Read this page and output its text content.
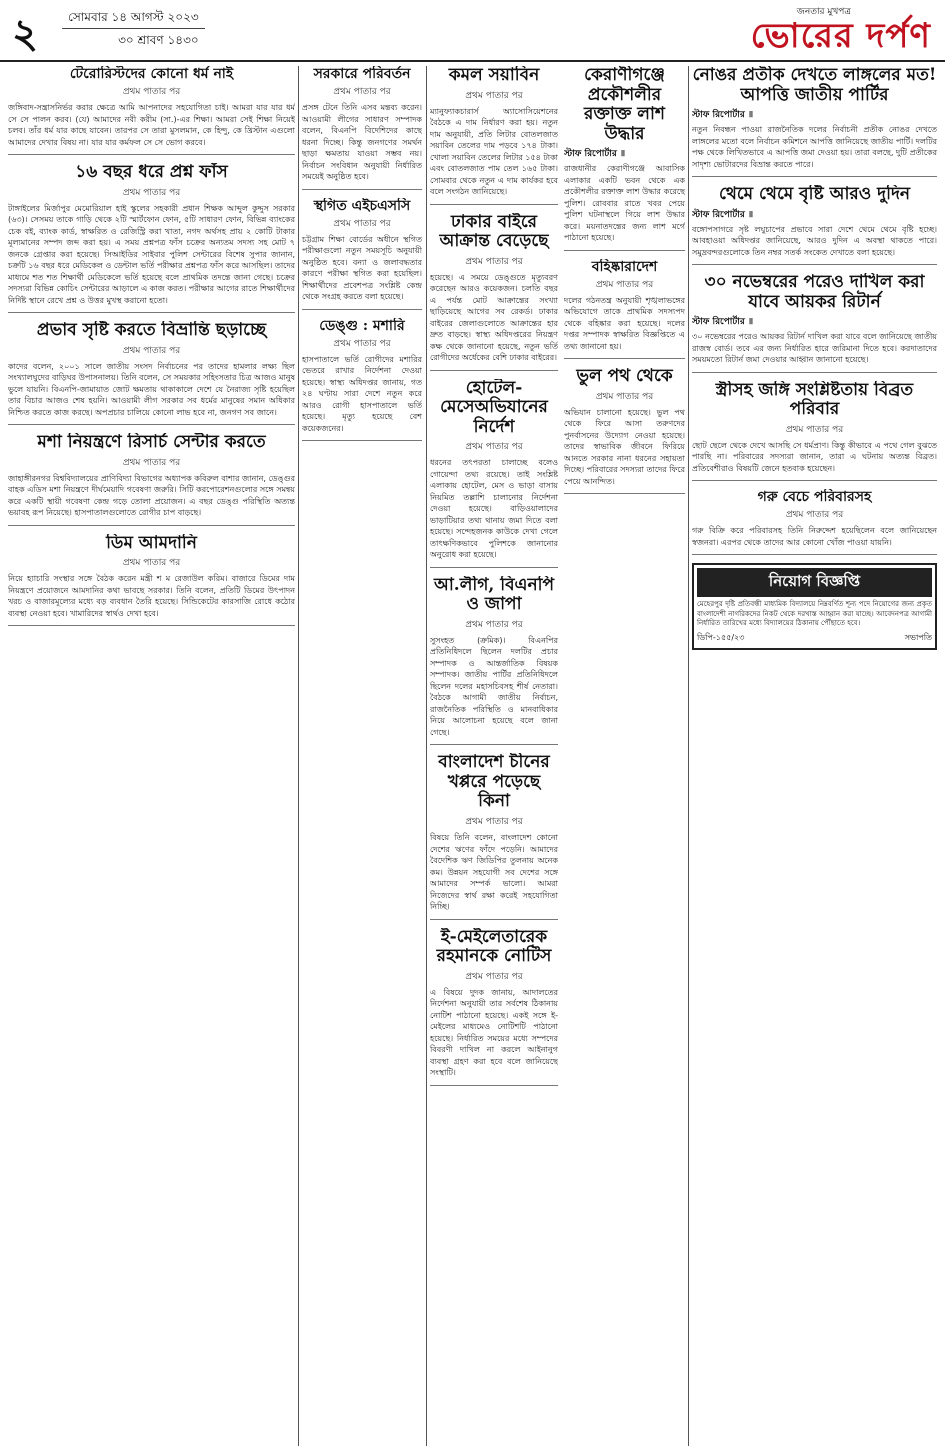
২	সোমবার ১৪ আগস্ট ২০২৩
৩০ শ্রাবণ ১৪৩০
জনতার মুখপত্র
ভোরের দর্পণ
টেরোরিস্টদের কোনো ধর্ম নাই
প্রথম পাতার পর
জঙ্গিবাদ-সন্ত্রাসনির্ভর করার ক্ষেত্রে আমি আপনাদের সহযোগিতা চাই। আমরা যার যার ধর্ম সে সে পালন করব। (যে) আমাদের নবী করীম (সা.)-এর শিক্ষা। আমরা সেই শিক্ষা নিয়েই চলব। তাঁর ধর্ম যার কাছে যাবেন। তারপর সে তারা মুসলমান, কে হিন্দু, কে খ্রিস্টান এগুলো আমাদের দেখার বিষয় না। যার যার কর্মফল সে সে ভোগ করবে।
১৬ বছর ধরে প্রশ্ন ফাঁস
প্রথম পাতার পর
টাঙ্গাইলের মির্জাপুর মেমোরিয়াল হাই স্কুলের সহকারী প্রধান শিক্ষক আব্দুল কুদ্দুস সরকার (৬৩)। সেসময় তাকে গাড়ি থেকে ২টি স্মার্টফোন ফোন, ৫টি সাধারণ ফোন, বিভিন্ন ব্যাংকের চেক বই, ব্যাংক কার্ড, স্বাক্ষরিত ও রেজিস্ট্রি করা খাতা, নগদ অর্থসহ প্রায় ২ কোটি টাকার মূল্যমানের সম্পদ জব্দ করা হয়। এ সময় প্রশ্নপত্র ফাঁস চক্রের অন্যতম সদস্য সহ মোট ৭ জনকে গ্রেপ্তার করা হয়েছে। সিআইডির সাইবার পুলিশ সেন্টারের বিশেষ সুপার জানান, চক্রটি ১৬ বছর ধরে মেডিকেল ও ডেন্টাল ভর্তি পরীক্ষার প্রশ্নপত্র ফাঁস করে আসছিল। তাদের মাধ্যমে শত শত শিক্ষার্থী মেডিকেলে ভর্তি হয়েছে বলে প্রাথমিক তদন্তে জানা গেছে। চক্রের সদস্যরা বিভিন্ন কোচিং সেন্টারের আড়ালে এ কাজ করত। পরীক্ষার আগের রাতে শিক্ষার্থীদের নির্দিষ্ট স্থানে রেখে প্রশ্ন ও উত্তর মুখস্থ করানো হতো।
প্রভাব সৃষ্টি করতে বিভ্রান্তি ছড়াচ্ছে
প্রথম পাতার পর
কাদের বলেন, ২০০১ সালে জাতীয় সংসদ নির্বাচনের পর তাদের হামলার লক্ষ্য ছিল সংখ্যালঘুদের বাড়িঘর উপাসনালয়। তিনি বলেন, সে সময়কার সহিংসতার চিত্র আজও মানুষ ভুলে যায়নি। বিএনপি-জামায়াত জোট ক্ষমতায় থাকাকালে দেশে যে নৈরাজ্য সৃষ্টি হয়েছিল তার বিচার আজও শেষ হয়নি। আওয়ামী লীগ সরকার সব ধর্মের মানুষের সমান অধিকার নিশ্চিত করতে কাজ করছে। অপপ্রচার চালিয়ে কোনো লাভ হবে না, জনগণ সব জানে।
মশা নিয়ন্ত্রণে রিসার্চ সেন্টার করতে
প্রথম পাতার পর
জাহাঙ্গীরনগর বিশ্ববিদ্যালয়ের প্রাণিবিদ্যা বিভাগের অধ্যাপক কবিরুল বাশার জানান, ডেঙ্গুর বাহক এডিস মশা নিয়ন্ত্রণে দীর্ঘমেয়াদি গবেষণা জরুরি। সিটি করপোরেশনগুলোর সঙ্গে সমন্বয় করে একটি স্থায়ী গবেষণা কেন্দ্র গড়ে তোলা প্রয়োজন। এ বছর ডেঙ্গু পরিস্থিতি অত্যন্ত ভয়াবহ রূপ নিয়েছে। হাসপাতালগুলোতে রোগীর চাপ বাড়ছে।
ডিম আমদানি
প্রথম পাতার পর
নিয়ে হ্যাচারি সংস্থার সঙ্গে বৈঠক করেন মন্ত্রী শ ম রেজাউল করিম। বাজারে ডিমের দাম নিয়ন্ত্রণে প্রয়োজনে আমদানির কথা ভাবছে সরকার। তিনি বলেন, প্রতিটি ডিমের উৎপাদন খরচ ও বাজারমূল্যের মধ্যে বড় ব্যবধান তৈরি হয়েছে। সিন্ডিকেটের কারসাজি রোধে কঠোর ব্যবস্থা নেওয়া হবে। খামারিদের স্বার্থও দেখা হবে।
সরকারে পরিবর্তন
প্রথম পাতার পর
প্রসঙ্গ টেনে তিনি এসব মন্তব্য করেন। আওয়ামী লীগের সাধারণ সম্পাদক বলেন, বিএনপি বিদেশিদের কাছে ধরনা দিচ্ছে। কিন্তু জনগণের সমর্থন ছাড়া ক্ষমতায় যাওয়া সম্ভব নয়। নির্বাচন সংবিধান অনুযায়ী নির্ধারিত সময়েই অনুষ্ঠিত হবে।
স্থগিত এইচএসসি
প্রথম পাতার পর
চট্টগ্রাম শিক্ষা বোর্ডের অধীনে স্থগিত পরীক্ষাগুলো নতুন সময়সূচি অনুযায়ী অনুষ্ঠিত হবে। বন্যা ও জলাবদ্ধতার কারণে পরীক্ষা স্থগিত করা হয়েছিল। শিক্ষার্থীদের প্রবেশপত্র সংশ্লিষ্ট কেন্দ্র থেকে সংগ্রহ করতে বলা হয়েছে।
ডেঙ্গু : মশারি
প্রথম পাতার পর
হাসপাতালে ভর্তি রোগীদের মশারির ভেতরে রাখার নির্দেশনা দেওয়া হয়েছে। স্বাস্থ্য অধিদপ্তর জানায়, গত ২৪ ঘণ্টায় সারা দেশে নতুন করে আরও রোগী হাসপাতালে ভর্তি হয়েছে। মৃত্যু হয়েছে বেশ কয়েকজনের।
কমল সয়াবিন
প্রথম পাতার পর
ম্যানুফ্যাকচারার্স অ্যাসোসিয়েশনের বৈঠকে এ দাম নির্ধারণ করা হয়। নতুন দাম অনুযায়ী, প্রতি লিটার বোতলজাত সয়াবিন তেলের দাম পড়বে ১৭৪ টাকা। খোলা সয়াবিন তেলের লিটার ১৫৪ টাকা এবং বোতলজাত পাম তেল ১৬৫ টাকা। সোমবার থেকে নতুন এ দাম কার্যকর হবে বলে সংগঠন জানিয়েছে।
ঢাকার বাইরে আক্রান্ত বেড়েছে
প্রথম পাতার পর
হয়েছে। এ সময়ে ডেঙ্গুতে মৃত্যুবরণ করেছেন আরও কয়েকজন। চলতি বছর এ পর্যন্ত মোট আক্রান্তের সংখ্যা ছাড়িয়েছে আগের সব রেকর্ড। ঢাকার বাইরের জেলাগুলোতে আক্রান্তের হার দ্রুত বাড়ছে। স্বাস্থ্য অধিদপ্তরের নিয়ন্ত্রণ কক্ষ থেকে জানানো হয়েছে, নতুন ভর্তি রোগীদের অর্ধেকের বেশি ঢাকার বাইরের।
হোটেল-মেসেঅভিযানের নির্দেশ
প্রথম পাতার পর
ধরনের তৎপরতা চালাচ্ছে বলেও গোয়েন্দা তথ্য রয়েছে। তাই সংশ্লিষ্ট এলাকায় হোটেল, মেস ও ভাড়া বাসায় নিয়মিত তল্লাশি চালানোর নির্দেশনা দেওয়া হয়েছে। বাড়িওয়ালাদের ভাড়াটিয়ার তথ্য থানায় জমা দিতে বলা হয়েছে। সন্দেহজনক কাউকে দেখা গেলে তাৎক্ষণিকভাবে পুলিশকে জানানোর অনুরোধ করা হয়েছে।
আ.লীগ, বিএনপি ও জাপা
প্রথম পাতার পর
সুসংহত (ক্রমিক)। বিএনপির প্রতিনিধিদলে ছিলেন দলটির প্রচার সম্পাদক ও আন্তর্জাতিক বিষয়ক সম্পাদক। জাতীয় পার্টির প্রতিনিধিদলে ছিলেন দলের মহাসচিবসহ শীর্ষ নেতারা। বৈঠকে আগামী জাতীয় নির্বাচন, রাজনৈতিক পরিস্থিতি ও মানবাধিকার নিয়ে আলোচনা হয়েছে বলে জানা গেছে।
বাংলাদেশ চীনের খপ্পরে পড়েছে কিনা
প্রথম পাতার পর
বিষয়ে তিনি বলেন, বাংলাদেশ কোনো দেশের ঋণের ফাঁদে পড়েনি। আমাদের বৈদেশিক ঋণ জিডিপির তুলনায় অনেক কম। উন্নয়ন সহযোগী সব দেশের সঙ্গে আমাদের সম্পর্ক ভালো। আমরা নিজেদের স্বার্থ রক্ষা করেই সহযোগিতা নিচ্ছি।
ই-মেইলেতারেক রহমানকে নোটিস
প্রথম পাতার পর
এ বিষয়ে দুদক জানায়, আদালতের নির্দেশনা অনুযায়ী তার সর্বশেষ ঠিকানায় নোটিশ পাঠানো হয়েছে। একই সঙ্গে ই-মেইলের মাধ্যমেও নোটিশটি পাঠানো হয়েছে। নির্ধারিত সময়ের মধ্যে সম্পদের বিবরণী দাখিল না করলে আইনানুগ ব্যবস্থা গ্রহণ করা হবে বলে জানিয়েছে সংস্থাটি।
কেরাণীগঞ্জে প্রকৌশলীর রক্তাক্ত লাশ উদ্ধার
স্টাফ রিপোর্টার ॥
রাজধানীর কেরাণীগঞ্জে আবাসিক এলাকার একটি ভবন থেকে এক প্রকৌশলীর রক্তাক্ত লাশ উদ্ধার করেছে পুলিশ। রোববার রাতে খবর পেয়ে পুলিশ ঘটনাস্থলে গিয়ে লাশ উদ্ধার করে। ময়নাতদন্তের জন্য লাশ মর্গে পাঠানো হয়েছে।
বহিষ্কারাদেশ
প্রথম পাতার পর
দলের গঠনতন্ত্র অনুযায়ী শৃঙ্খলাভঙ্গের অভিযোগে তাকে প্রাথমিক সদস্যপদ থেকে বহিষ্কার করা হয়েছে। দলের দপ্তর সম্পাদক স্বাক্ষরিত বিজ্ঞপ্তিতে এ তথ্য জানানো হয়।
ভুল পথ থেকে
প্রথম পাতার পর
অভিযান চালানো হয়েছে। ভুল পথ থেকে ফিরে আসা তরুণদের পুনর্বাসনের উদ্যোগ নেওয়া হয়েছে। তাদের স্বাভাবিক জীবনে ফিরিয়ে আনতে সরকার নানা ধরনের সহায়তা দিচ্ছে। পরিবারের সদস্যরা তাদের ফিরে পেয়ে আনন্দিত।
নোঙর প্রতীক দেখতে লাঙ্গলের মত! আপত্তি জাতীয় পার্টির
স্টাফ রিপোর্টার ॥
নতুন নিবন্ধন পাওয়া রাজনৈতিক দলের নির্বাচনী প্রতীক নোঙর দেখতে লাঙ্গলের মতো বলে নির্বাচন কমিশনে আপত্তি জানিয়েছে জাতীয় পার্টি। দলটির পক্ষ থেকে লিখিতভাবে এ আপত্তি জমা দেওয়া হয়। তারা বলছে, দুটি প্রতীকের সাদৃশ্য ভোটারদের বিভ্রান্ত করতে পারে।
থেমে থেমে বৃষ্টি আরও দুদিন
স্টাফ রিপোর্টার ॥
বঙ্গোপসাগরে সৃষ্ট লঘুচাপের প্রভাবে সারা দেশে থেমে থেমে বৃষ্টি হচ্ছে। আবহাওয়া অধিদপ্তর জানিয়েছে, আরও দুদিন এ অবস্থা থাকতে পারে। সমুদ্রবন্দরগুলোকে তিন নম্বর সতর্ক সংকেত দেখাতে বলা হয়েছে।
৩০ নভেম্বরের পরেও দাখিল করা যাবে আয়কর রিটার্ন
স্টাফ রিপোর্টার ॥
৩০ নভেম্বরের পরেও আয়কর রিটার্ন দাখিল করা যাবে বলে জানিয়েছে জাতীয় রাজস্ব বোর্ড। তবে এর জন্য নির্ধারিত হারে জরিমানা দিতে হবে। করদাতাদের সময়মতো রিটার্ন জমা দেওয়ার আহ্বান জানানো হয়েছে।
স্ত্রীসহ জঙ্গি সংশ্লিষ্টতায় বিব্রত পরিবার
প্রথম পাতার পর
ছোট ছেলে থেকে দেখে আসছি সে ধর্মপ্রাণ। কিন্তু কীভাবে এ পথে গেল বুঝতে পারছি না। পরিবারের সদস্যরা জানান, তারা এ ঘটনায় অত্যন্ত বিব্রত। প্রতিবেশীরাও বিষয়টি জেনে হতবাক হয়েছেন।
গরু বেচে পরিবারসহ
প্রথম পাতার পর
গরু বিক্রি করে পরিবারসহ তিনি নিরুদ্দেশ হয়েছিলেন বলে জানিয়েছেন স্বজনরা। এরপর থেকে তাদের আর কোনো খোঁজ পাওয়া যায়নি।
নিয়োগ বিজ্ঞপ্তি
মেহেরপুর দৃষ্টি প্রতিবন্ধী মাধ্যমিক বিদ্যালয়ে নিম্নবর্ণিত শূন্য পদে নিয়োগের জন্য প্রকৃত বাংলাদেশী নাগরিকদের নিকট থেকে দরখাস্ত আহ্বান করা যাচ্ছে। আবেদনপত্র আগামী নির্ধারিত তারিখের মধ্যে বিদ্যালয়ের ঠিকানায় পৌঁছাতে হবে।
ডিপি-১৫৫/২৩	সভাপতি
